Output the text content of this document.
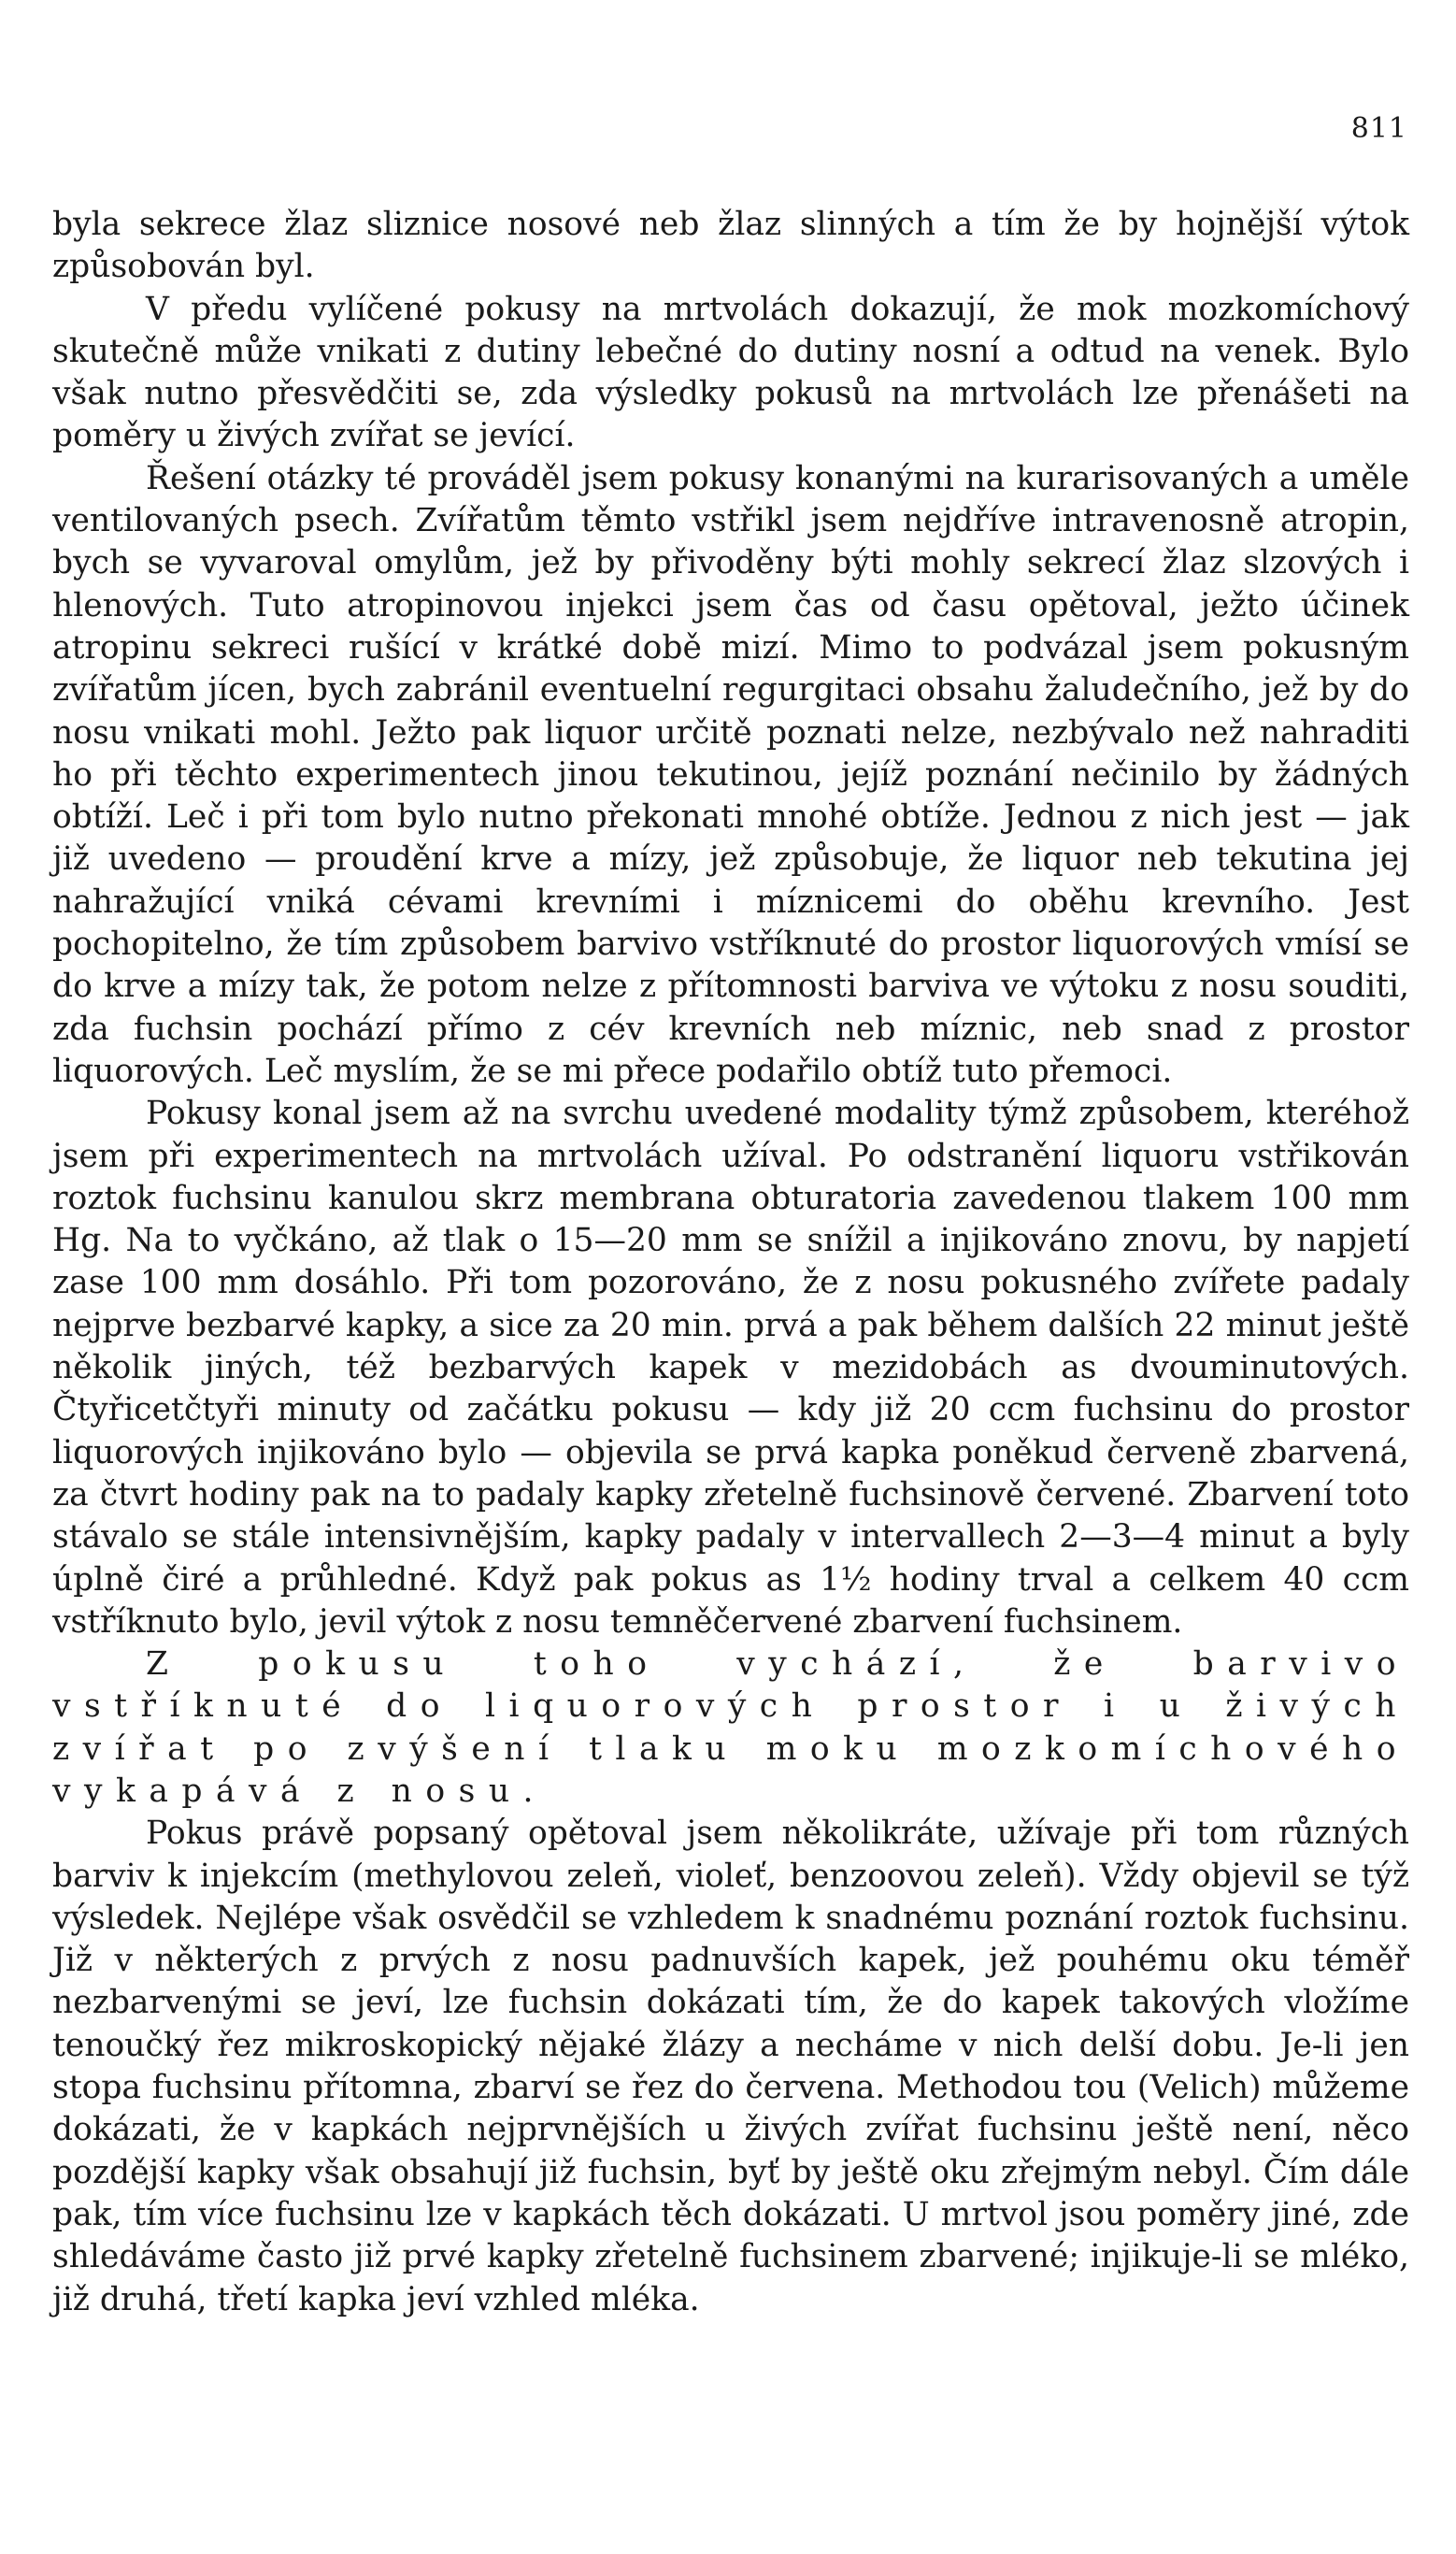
811

byla sekrece žlaz sliznice nosové neb žlaz slinných a tím že by hojnější výtok způsobován byl.

V předu vylíčené pokusy na mrtvolách dokazují, že mok mozkomíchový skutečně může vnikati z dutiny lebečné do dutiny nosní a odtud na venek. Bylo však nutno přesvědčiti se, zda výsledky pokusů na mrtvolách lze přenášeti na poměry u živých zvířat se jevící.

Řešení otázky té prováděl jsem pokusy konanými na kurarisovaných a uměle ventilovaných psech. Zvířatům těmto vstřikl jsem nejdříve intravenosně atropin, bych se vyvaroval omylům, jež by přivoděny býti mohly sekrecí žlaz slzových i hlenových. Tuto atropinovou injekci jsem čas od času opětoval, ježto účinek atropinu sekreci rušící v krátké době mizí. Mimo to podvázal jsem pokusným zvířatům jícen, bych zabránil eventuelní regurgitaci obsahu žaludečního, jež by do nosu vnikati mohl. Ježto pak liquor určitě poznati nelze, nezbývalo než nahraditi ho při těchto experimentech jinou tekutinou, jejíž poznání nečinilo by žádných obtíží. Leč i při tom bylo nutno překonati mnohé obtíže. Jednou z nich jest — jak již uvedeno — proudění krve a mízy, jež způsobuje, že liquor neb tekutina jej nahražující vniká cévami krevními i míznicemi do oběhu krevního. Jest pochopitelno, že tím způsobem barvivo vstříknuté do prostor liquorových vmísí se do krve a mízy tak, že potom nelze z přítomnosti barviva ve výtoku z nosu souditi, zda fuchsin pochází přímo z cév krevních neb míznic, neb snad z prostor liquorových. Leč myslím, že se mi přece podařilo obtíž tuto přemoci.

Pokusy konal jsem až na svrchu uvedené modality týmž způsobem, kteréhož jsem při experimentech na mrtvolách užíval. Po odstranění liquoru vstřikován roztok fuchsinu kanulou skrz membrana obturatoria zavedenou tlakem 100 mm Hg. Na to vyčkáno, až tlak o 15—20 mm se snížil a injikováno znovu, by napjetí zase 100 mm dosáhlo. Při tom pozorováno, že z nosu pokusného zvířete padaly nejprve bezbarvé kapky, a sice za 20 min. prvá a pak během dalších 22 minut ještě několik jiných, též bezbarvých kapek v mezidobách as dvouminutových. Čtyřicetčtyři minuty od začátku pokusu — kdy již 20 ccm fuchsinu do prostor liquorových injikováno bylo — objevila se prvá kapka poněkud červeně zbarvená, za čtvrt hodiny pak na to padaly kapky zřetelně fuchsinově červené. Zbarvení toto stávalo se stále intensivnějším, kapky padaly v intervallech 2—3—4 minut a byly úplně čiré a průhledné. Když pak pokus as 1½ hodiny trval a celkem 40 ccm vstříknuto bylo, jevil výtok z nosu temněčervené zbarvení fuchsinem.

Z pokusu toho vychází, že barvivo vstříknuté do liquorových prostor i u živých zvířat po zvýšení tlaku moku mozkomíchového vykapává z nosu.

Pokus právě popsaný opětoval jsem několikráte, užívaje při tom různých barviv k injekcím (methylovou zeleň, violeť, benzoovou zeleň). Vždy objevil se týž výsledek. Nejlépe však osvědčil se vzhledem k snadnému poznání roztok fuchsinu. Již v některých z prvých z nosu padnuvších kapek, jež pouhému oku téměř nezbarvenými se jeví, lze fuchsin dokázati tím, že do kapek takových vložíme tenoučký řez mikroskopický nějaké žlázy a necháme v nich delší dobu. Je-li jen stopa fuchsinu přítomna, zbarví se řez do červena. Methodou tou (Velich) můžeme dokázati, že v kapkách nejprvnějších u živých zvířat fuchsinu ještě není, něco pozdější kapky však obsahují již fuchsin, byť by ještě oku zřejmým nebyl. Čím dále pak, tím více fuchsinu lze v kapkách těch dokázati. U mrtvol jsou poměry jiné, zde shledáváme často již prvé kapky zřetelně fuchsinem zbarvené; injikuje-li se mléko, již druhá, třetí kapka jeví vzhled mléka.
